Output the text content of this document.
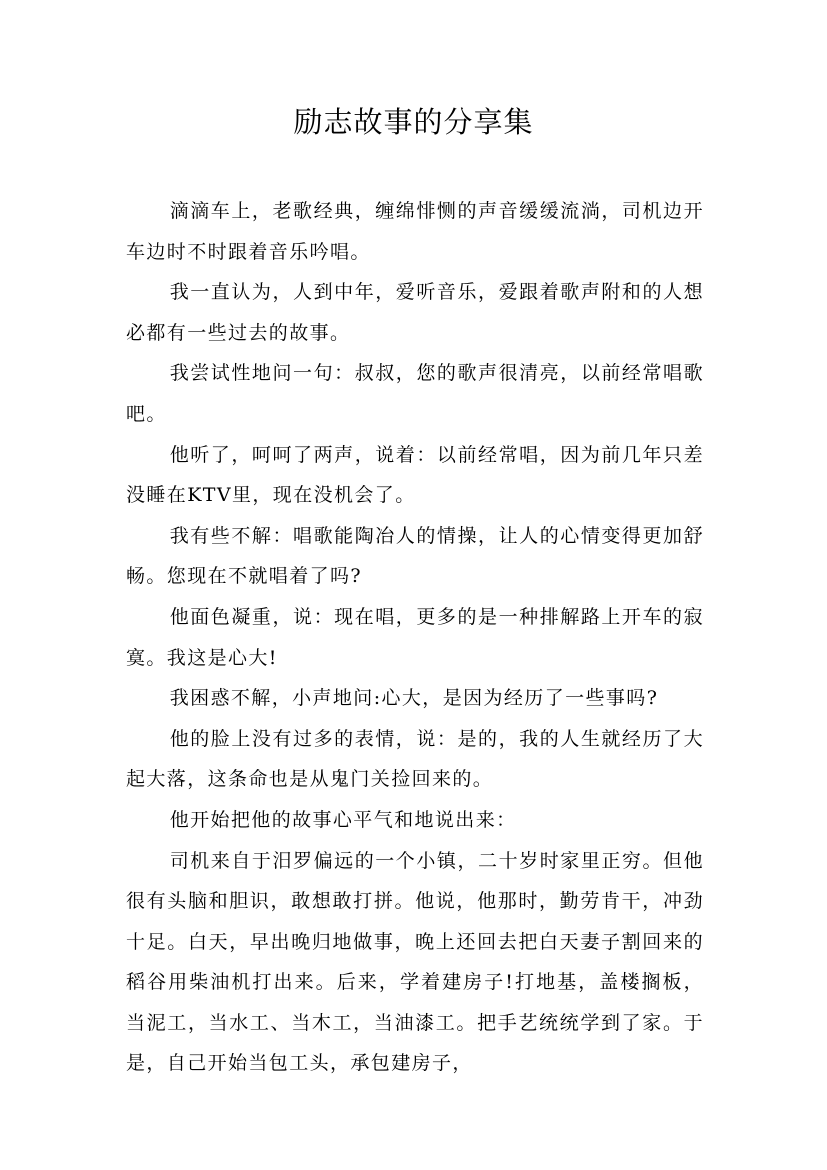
励志故事的分享集

滴滴车上，老歌经典，缠绵悱恻的声音缓缓流淌，司机边开车边时不时跟着音乐吟唱。

我一直认为，人到中年，爱听音乐，爱跟着歌声附和的人想必都有一些过去的故事。

我尝试性地问一句：叔叔，您的歌声很清亮，以前经常唱歌吧。

他听了，呵呵了两声，说着：以前经常唱，因为前几年只差没睡在KTV里，现在没机会了。

我有些不解：唱歌能陶冶人的情操，让人的心情变得更加舒畅。您现在不就唱着了吗?

他面色凝重，说：现在唱，更多的是一种排解路上开车的寂寞。我这是心大!

我困惑不解，小声地问:心大，是因为经历了一些事吗?

他的脸上没有过多的表情，说：是的，我的人生就经历了大起大落，这条命也是从鬼门关捡回来的。

他开始把他的故事心平气和地说出来：

司机来自于汨罗偏远的一个小镇，二十岁时家里正穷。但他很有头脑和胆识，敢想敢打拼。他说，他那时，勤劳肯干，冲劲十足。白天，早出晚归地做事，晚上还回去把白天妻子割回来的稻谷用柴油机打出来。后来，学着建房子!打地基，盖楼搁板，当泥工，当水工、当木工，当油漆工。把手艺统统学到了家。于是，自己开始当包工头，承包建房子，
